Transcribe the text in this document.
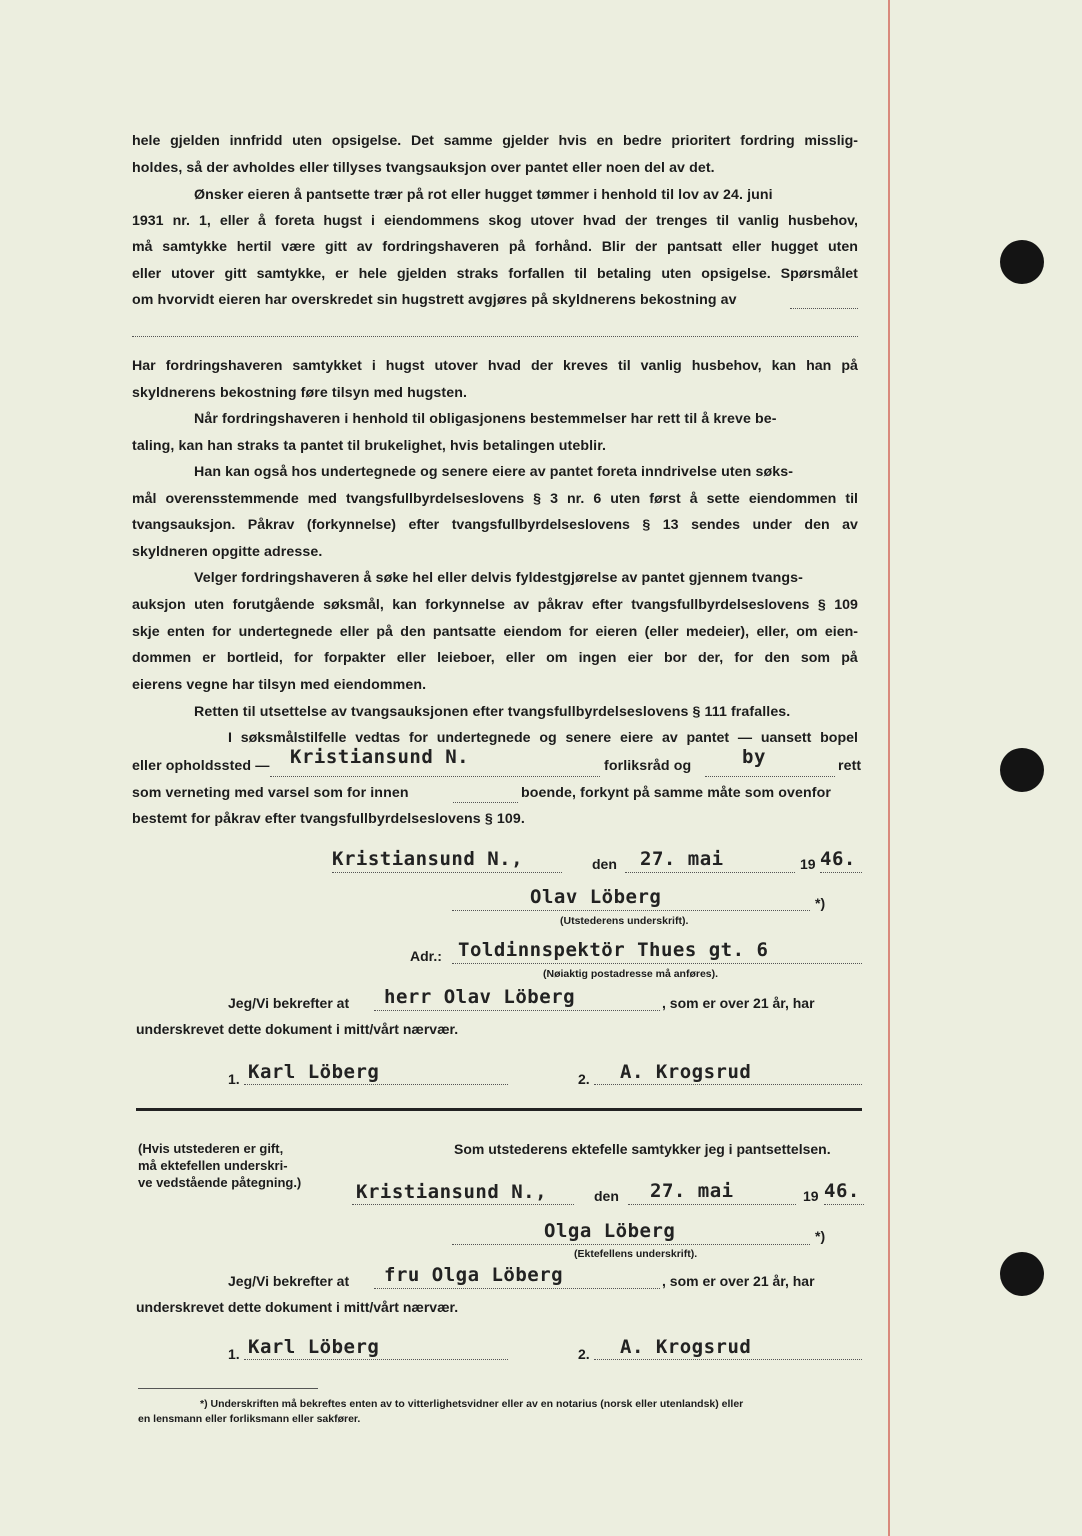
hele gjelden innfridd uten opsigelse. Det samme gjelder hvis en bedre prioritert fordring misslig-
holdes, så der avholdes eller tillyses tvangsauksjon over pantet eller noen del av det.
Ønsker eieren å pantsette trær på rot eller hugget tømmer i henhold til lov av 24. juni
1931 nr. 1, eller å foreta hugst i eiendommens skog utover hvad der trenges til vanlig husbehov,
må samtykke hertil være gitt av fordringshaveren på forhånd. Blir der pantsatt eller hugget uten
eller utover gitt samtykke, er hele gjelden straks forfallen til betaling uten opsigelse. Spørsmålet
om hvorvidt eieren har overskredet sin hugstrett avgjøres på skyldnerens bekostning av
Har fordringshaveren samtykket i hugst utover hvad der kreves til vanlig husbehov, kan han på
skyldnerens bekostning føre tilsyn med hugsten.
Når fordringshaveren i henhold til obligasjonens bestemmelser har rett til å kreve be-
taling, kan han straks ta pantet til brukelighet, hvis betalingen uteblir.
Han kan også hos undertegnede og senere eiere av pantet foreta inndrivelse uten søks-
mål overensstemmende med tvangsfullbyrdelseslovens § 3 nr. 6 uten først å sette eiendommen til
tvangsauksjon. Påkrav (forkynnelse) efter tvangsfullbyrdelseslovens § 13 sendes under den av
skyldneren opgitte adresse.
Velger fordringshaveren å søke hel eller delvis fyldestgjørelse av pantet gjennem tvangs-
auksjon uten forutgående søksmål, kan forkynnelse av påkrav efter tvangsfullbyrdelseslovens § 109
skje enten for undertegnede eller på den pantsatte eiendom for eieren (eller medeier), eller, om eien-
dommen er bortleid, for forpakter eller leieboer, eller om ingen eier bor der, for den som på
eierens vegne har tilsyn med eiendommen.
Retten til utsettelse av tvangsauksjonen efter tvangsfullbyrdelseslovens § 111 frafalles.
I søksmålstilfelle vedtas for undertegnede og senere eiere av pantet — uansett bopel
eller opholdssted — Kristiansund N.	forliksråd og	by	rett
som verneting med varsel som for innen	boende, forkynt på samme måte som ovenfor
bestemt for påkrav efter tvangsfullbyrdelseslovens § 109.
Kristiansund N.,	den 27. mai	19 46.
Olav Löberg	*)
(Utstederens underskrift).
Adr.: Toldinnspektör Thues gt. 6
(Nøiaktig postadresse må anføres).
Jeg/Vi bekrefter at herr Olav Löberg	, som er over 21 år, har
underskrevet dette dokument i mitt/vårt nærvær.
1. Karl Löberg	2. A. Krogsrud
(Hvis utstederen er gift,
må ektefellen underskri-
ve vedstående påtegning.)
Som utstederens ektefelle samtykker jeg i pantsettelsen.
Kristiansund N.,	den 27. mai	19 46.
Olga Löberg	*)
(Ektefellens underskrift).
Jeg/Vi bekrefter at fru Olga Löberg	, som er over 21 år, har
underskrevet dette dokument i mitt/vårt nærvær.
1. Karl Löberg	2. A. Krogsrud
*) Underskriften må bekreftes enten av to vitterlighetsvidner eller av en notarius (norsk eller utenlandsk) eller
en lensmann eller forliksmann eller sakfører.
